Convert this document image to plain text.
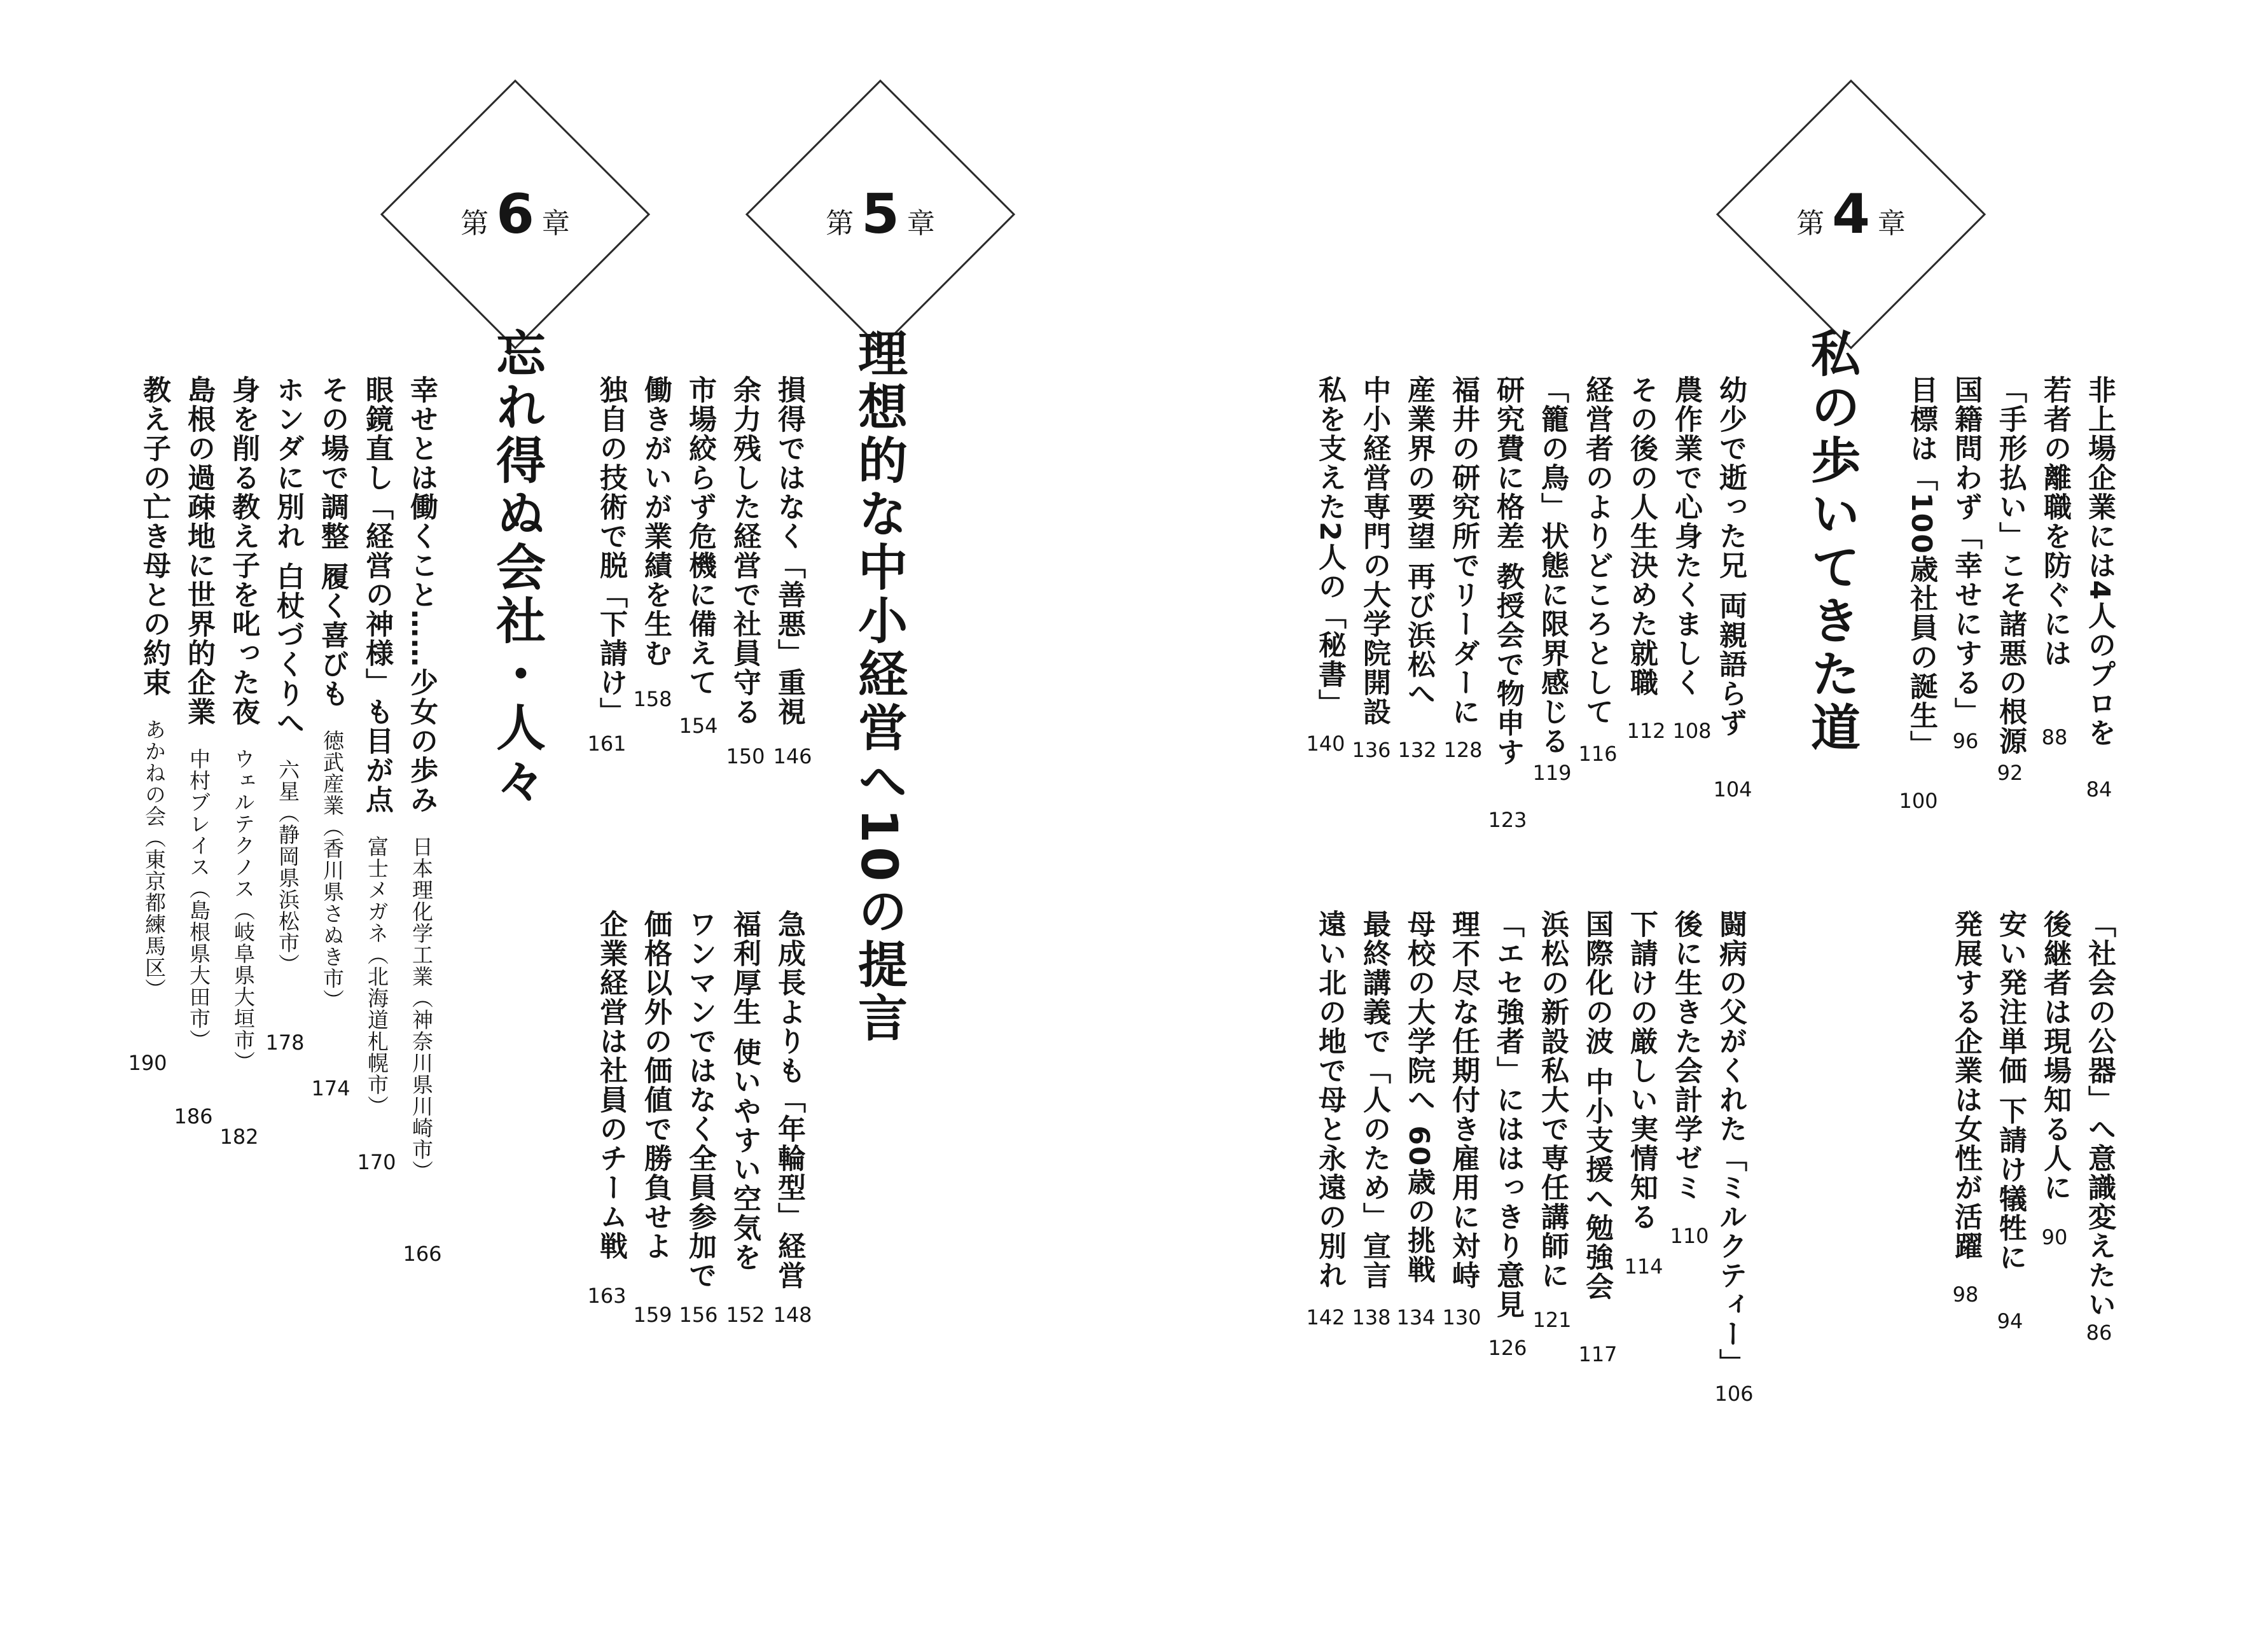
第 4 章
私の歩いてきた道
第 5 章
理想的な中小経営へ10の提言
第 6 章
忘れ得ぬ会社・人々	非上場企業には4人のプロを
84
若者の離職を防ぐには
88
「手形払い」こそ諸悪の根源
92
国籍問わず「幸せにする」
96
目標は「100歳社員の誕生」
100
幼少で逝った兄 両親語らず
104
農作業で心身たくましく
108
その後の人生決めた就職
112
経営者のよりどころとして
116
「籠の鳥」状態に限界感じる
119
研究費に格差 教授会で物申す
123
福井の研究所でリーダーに
128
産業界の要望 再び浜松へ
132
中小経営専門の大学院開設
136
私を支えた2人の「秘書」
140
「社会の公器」へ意識変えたい
86
後継者は現場知る人に
90
安い発注単価 下請け犠牲に
94
発展する企業は女性が活躍
98
闘病の父がくれた「ミルクティー」
106
後に生きた会計学ゼミ
110
下請けの厳しい実情知る
114
国際化の波 中小支援へ勉強会
117
浜松の新設私大で専任講師に
121
「エセ強者」にははっきり意見
126
理不尽な任期付き雇用に対峙
130
母校の大学院へ 60歳の挑戦
134
最終講義で「人のため」宣言
138
遠い北の地で母と永遠の別れ
142
損得ではなく「善悪」重視
146
余力残した経営で社員守る
150
市場絞らず危機に備えて
154
働きがいが業績を生む
158
独自の技術で脱「下請け」
161
急成長よりも「年輪型」経営
148
福利厚生 使いやすい空気を
152
ワンマンではなく全員参加で
156
価格以外の価値で勝負せよ
159
企業経営は社員のチーム戦
163
幸せとは働くこと……少女の歩み日本理化学工業（神奈川県川崎市）
166
眼鏡直し「経営の神様」も目が点富士メガネ（北海道札幌市）
170
その場で調整 履く喜びも徳武産業（香川県さぬき市）
174
ホンダに別れ 白杖づくりへ六星（静岡県浜松市）
178
身を削る教え子を叱った夜ウェルテクノス（岐阜県大垣市）
182
島根の過疎地に世界的企業中村ブレイス（島根県大田市）
186
教え子の亡き母との約束あかねの会（東京都練馬区）
190
